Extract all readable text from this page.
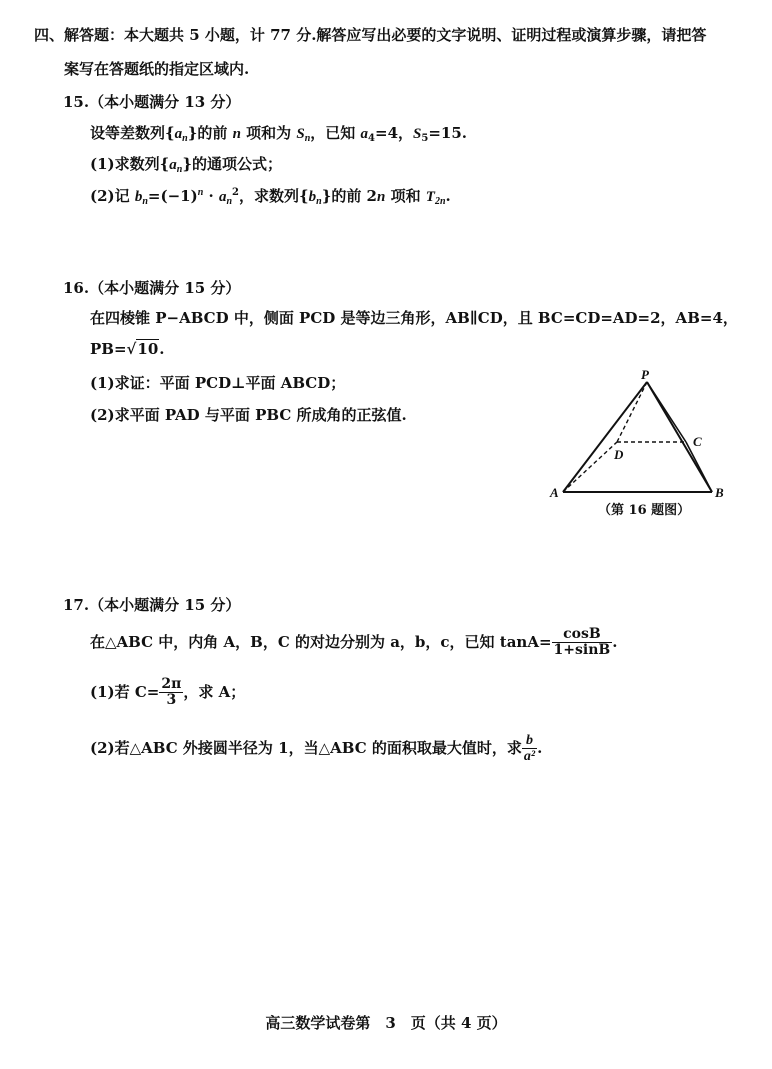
四、解答题：本大题共 5 小题，计 77 分.解答应写出必要的文字说明、证明过程或演算步骤，请把答
案写在答题纸的指定区域内.
15.（本小题满分 13 分）
设等差数列$\{a_n\}$的前 n 项和为 $S_n$，已知 $a_4=4$，$S_5=15$.
(1)求数列$\{a_n\}$的通项公式；
(2)记 $b_n=(-1)^n \cdot a_n^2$，求数列$\{b_n\}$的前 2n 项和 $T_{2n}$.
16.（本小题满分 15 分）
在四棱锥 P−ABCD 中，侧面 PCD 是等边三角形，AB∥CD，且 BC=CD=AD=2，AB=4，
PB=√10.
(1)求证：平面 PCD⊥平面 ABCD；
(2)求平面 PAD 与平面 PBC 所成角的正弦值.
P
A	B
C
D
（第 16 题图）
17.（本小题满分 15 分）
在△ABC 中，内角 A，B，C 的对边分别为 a，b，c，已知 $\tan A= \frac{\cos B}{1+\sin B}$ .
(1)若 $C= \frac{2\pi}{3}$ ，求 A；
(2)若△ABC 外接圆半径为 1，当△ABC 的面积取最大值时，求 $\frac{b}{\text{a²}}$ .
高三数学试卷第　3　页（共 4 页）
